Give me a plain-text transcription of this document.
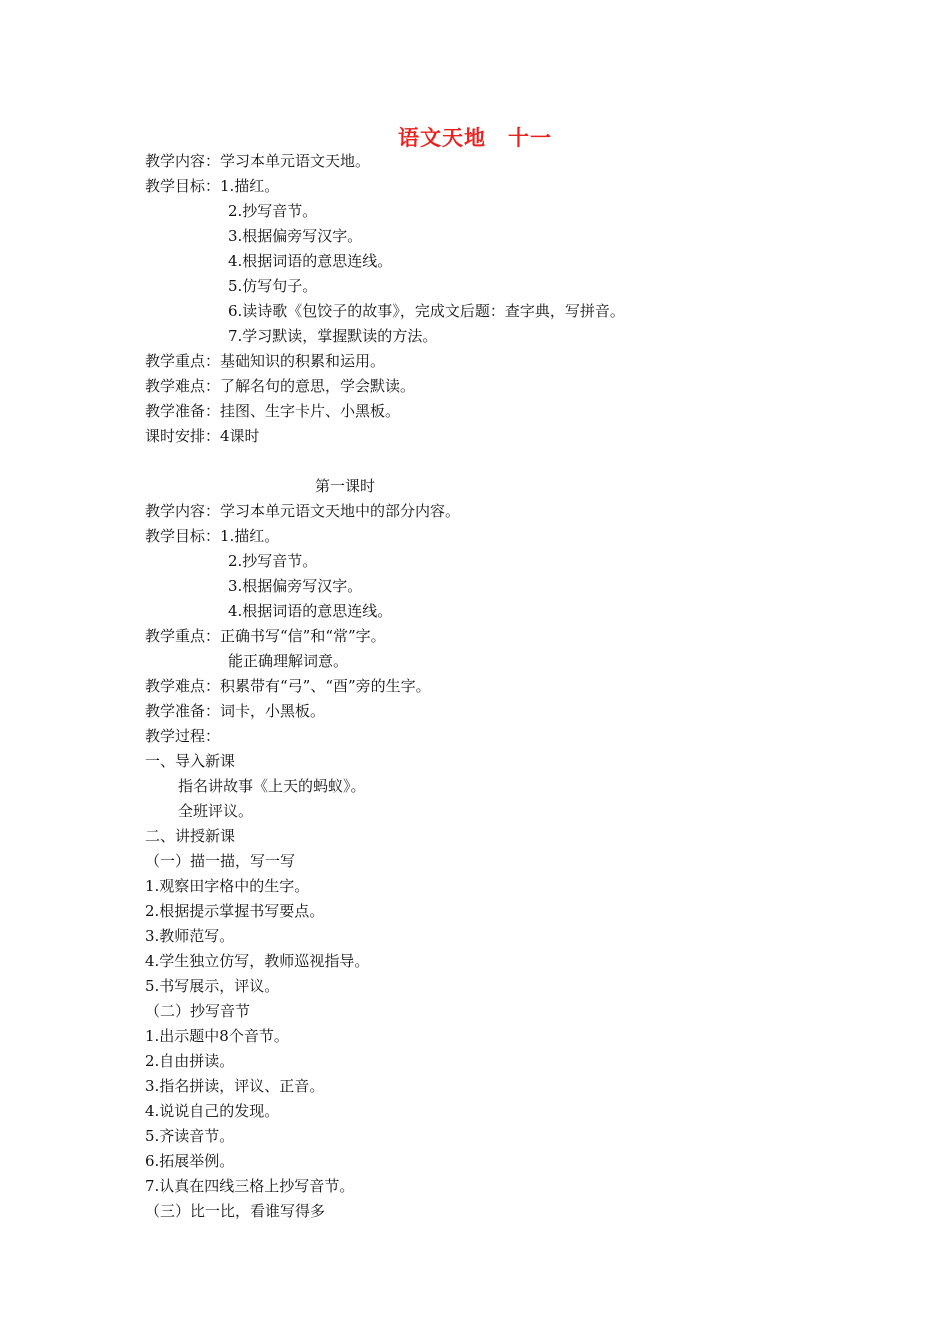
语文天地　十一
教学内容：学习本单元语文天地。
教学目标：1.描红。
2.抄写音节。
3.根据偏旁写汉字。
4.根据词语的意思连线。
5.仿写句子。
6.读诗歌《包饺子的故事》，完成文后题：查字典，写拼音。
7.学习默读，掌握默读的方法。
教学重点：基础知识的积累和运用。
教学难点：了解名句的意思，学会默读。
教学准备：挂图、生字卡片、小黑板。
课时安排：4课时
第一课时
教学内容：学习本单元语文天地中的部分内容。
教学目标：1.描红。
2.抄写音节。
3.根据偏旁写汉字。
4.根据词语的意思连线。
教学重点：正确书写“信”和“常”字。
能正确理解词意。
教学难点：积累带有“弓”、“酉”旁的生字。
教学准备：词卡，小黑板。
教学过程：
一、导入新课
指名讲故事《上天的蚂蚁》。
全班评议。
二、讲授新课
（一）描一描，写一写
1.观察田字格中的生字。
2.根据提示掌握书写要点。
3.教师范写。
4.学生独立仿写，教师巡视指导。
5.书写展示，评议。
（二）抄写音节
1.出示题中8个音节。
2.自由拼读。
3.指名拼读，评议、正音。
4.说说自己的发现。
5.齐读音节。
6.拓展举例。
7.认真在四线三格上抄写音节。
（三）比一比，看谁写得多
